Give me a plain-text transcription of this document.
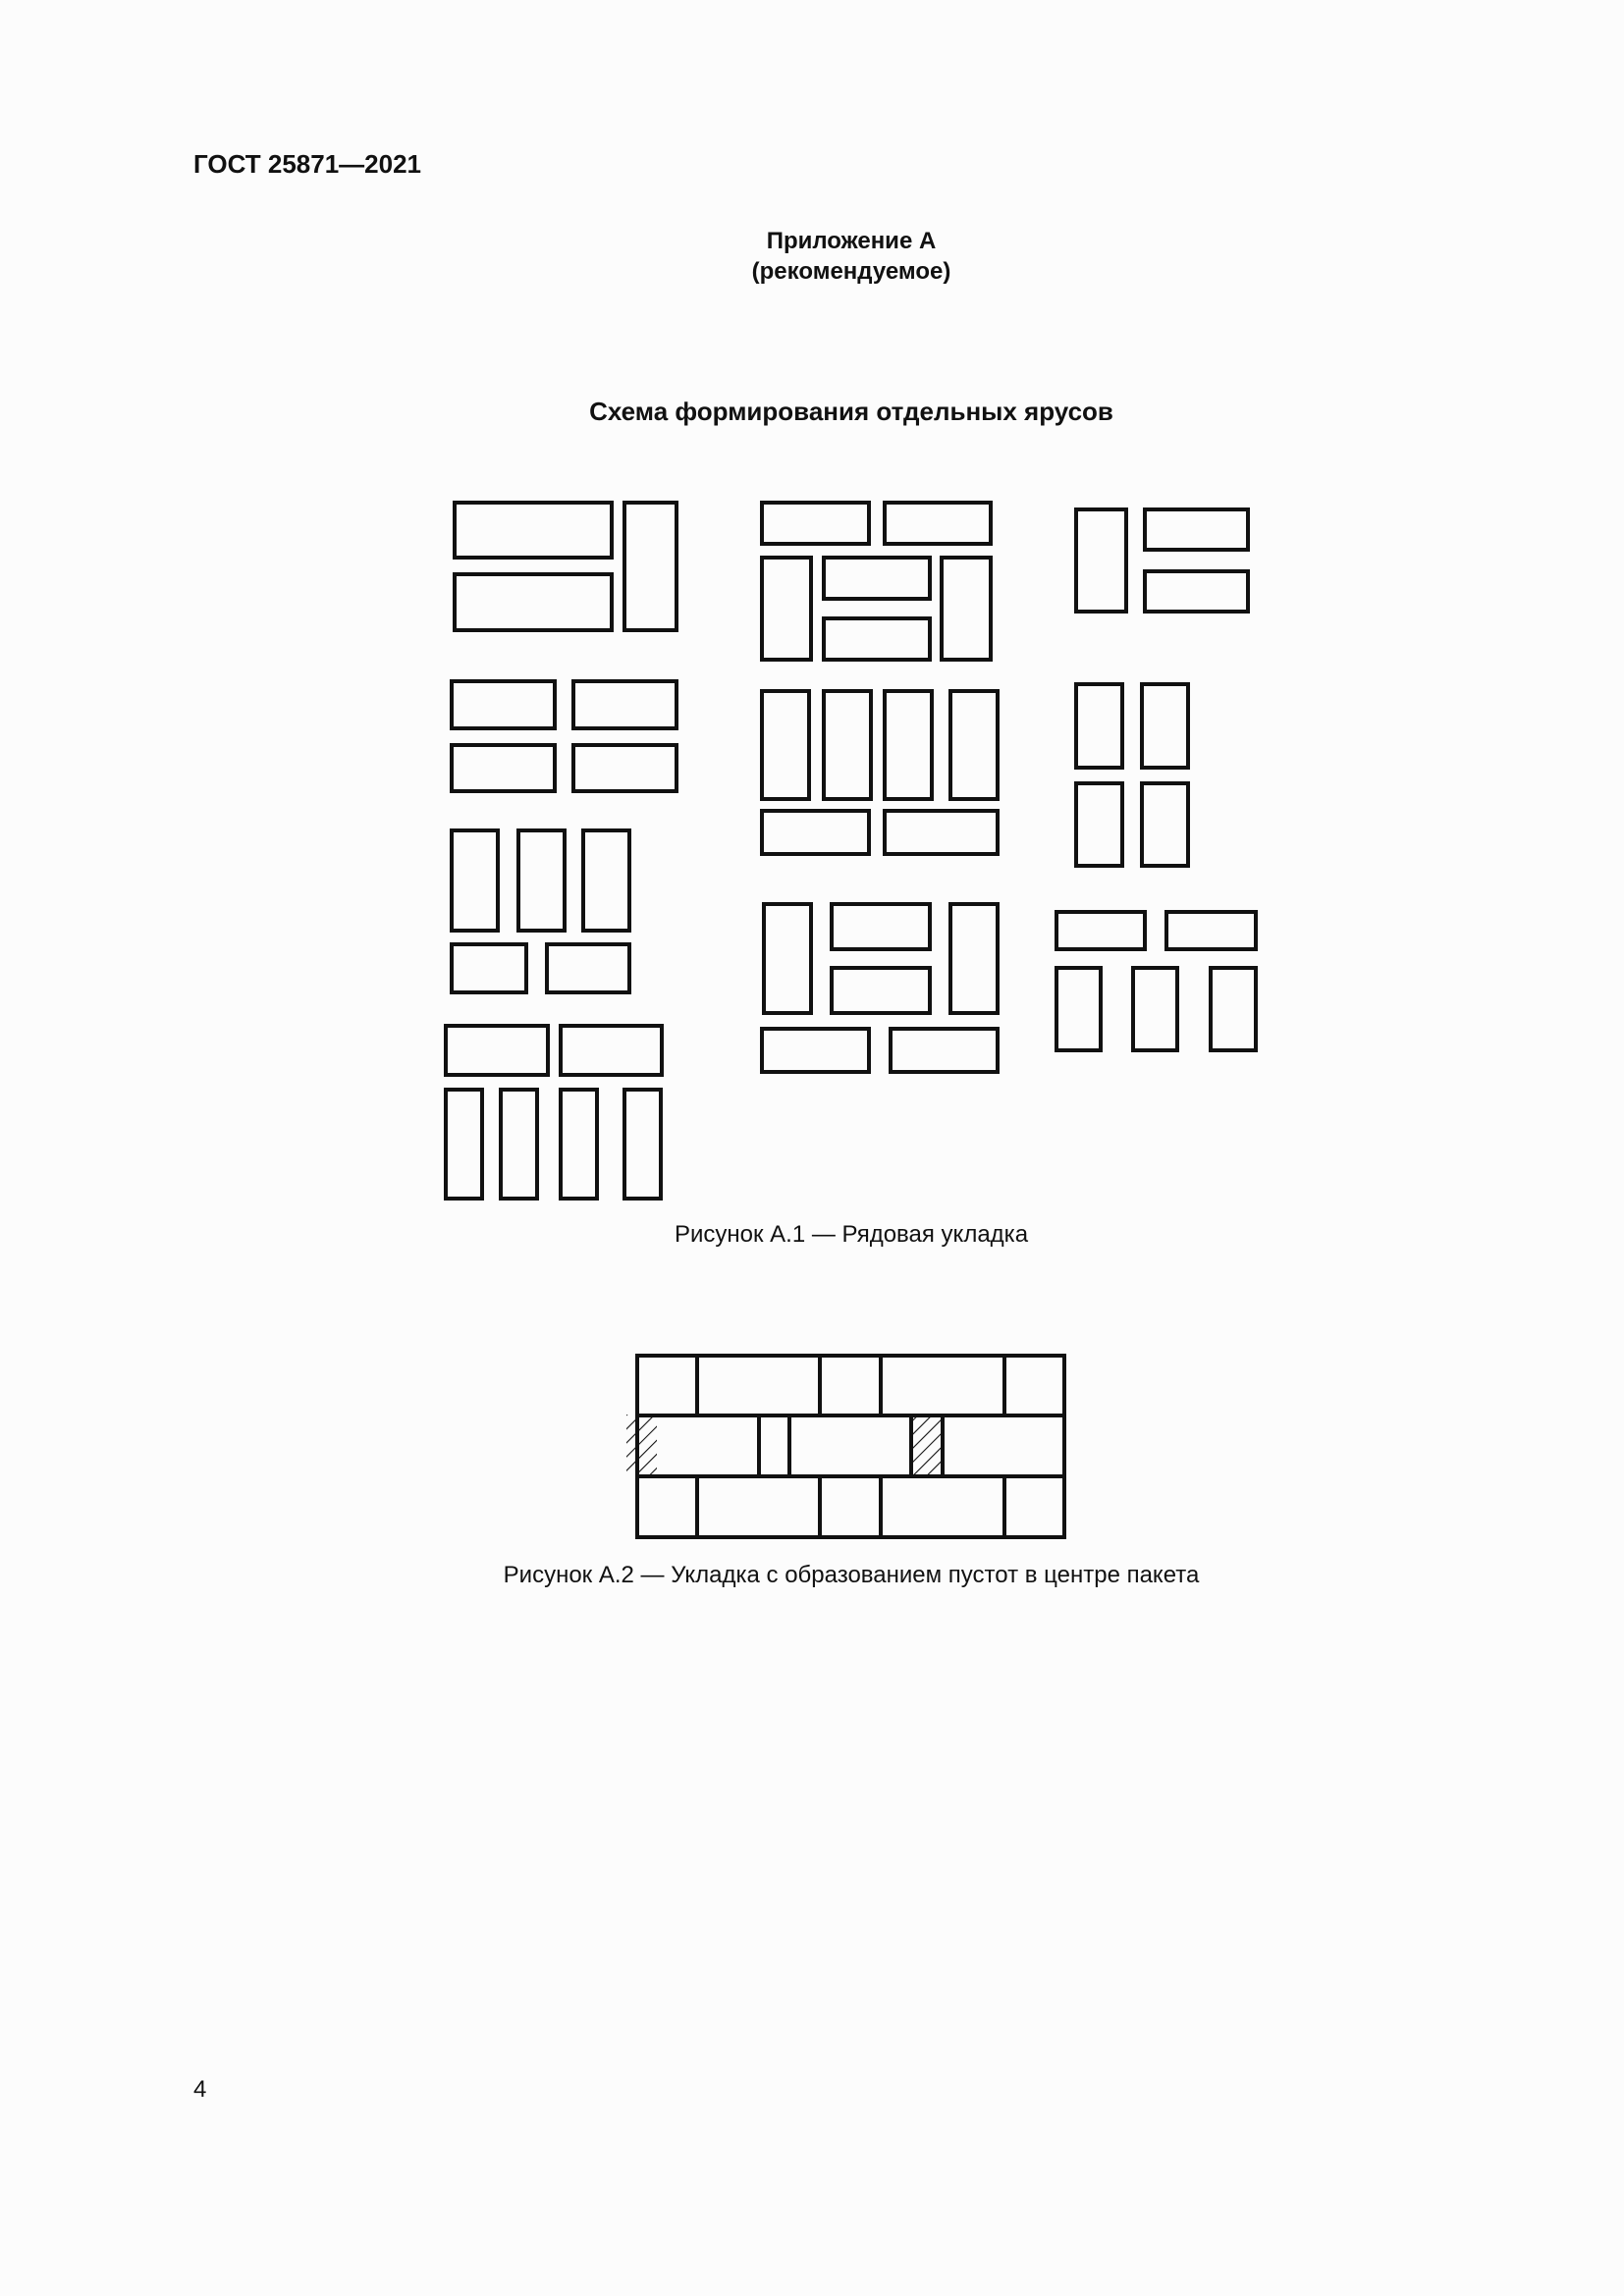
ГОСТ 25871—2021
Приложение А
(рекомендуемое)
Схема формирования отдельных ярусов
Рисунок А.1 — Рядовая укладка
Рисунок А.2 — Укладка с образованием пустот в центре пакета
4
